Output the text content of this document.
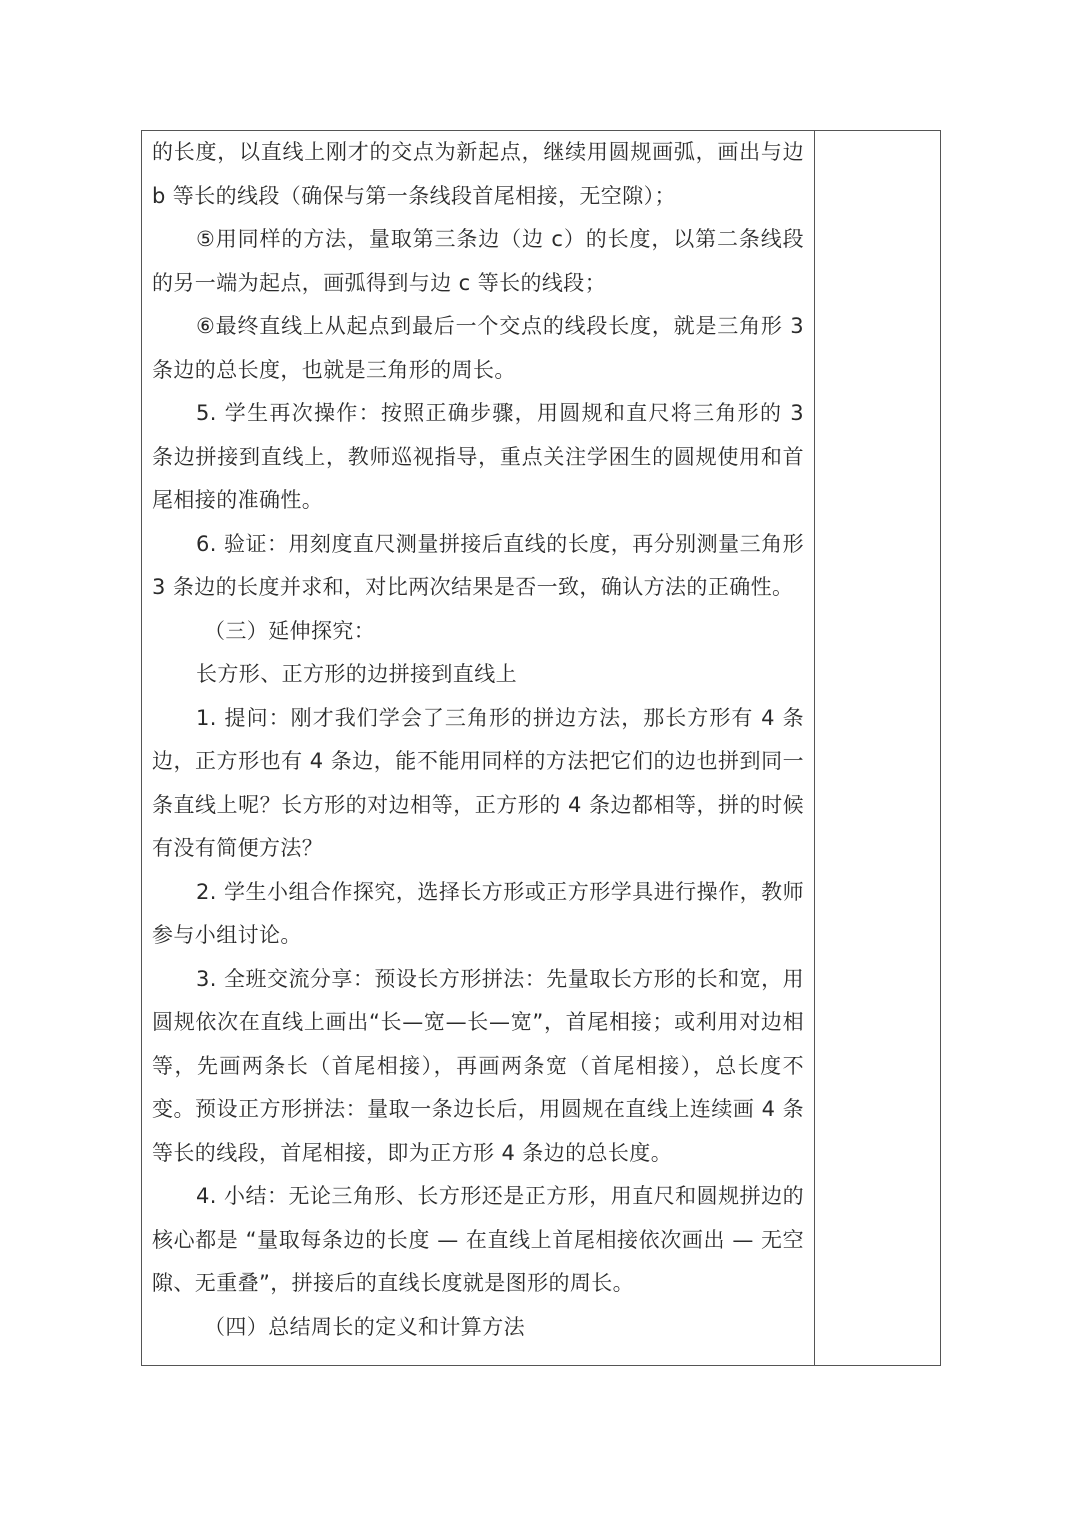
的长度，以直线上刚才的交点为新起点，继续用圆规画弧，画出与边b 等长的线段（确保与第一条线段首尾相接，无空隙）；

⑤用同样的方法，量取第三条边（边 c）的长度，以第二条线段的另一端为起点，画弧得到与边 c 等长的线段；

⑥最终直线上从起点到最后一个交点的线段长度，就是三角形 3条边的总长度，也就是三角形的周长。

5. 学生再次操作：按照正确步骤，用圆规和直尺将三角形的 3 条边拼接到直线上，教师巡视指导，重点关注学困生的圆规使用和首尾相接的准确性。

6. 验证：用刻度直尺测量拼接后直线的长度，再分别测量三角形 3 条边的长度并求和，对比两次结果是否一致，确认方法的正确性。

（三）延伸探究：

长方形、正方形的边拼接到直线上

1. 提问：刚才我们学会了三角形的拼边方法，那长方形有 4 条边，正方形也有 4 条边，能不能用同样的方法把它们的边也拼到同一条直线上呢？长方形的对边相等，正方形的 4 条边都相等，拼的时候有没有简便方法？

2. 学生小组合作探究，选择长方形或正方形学具进行操作，教师参与小组讨论。

3. 全班交流分享：预设长方形拼法：先量取长方形的长和宽，用圆规依次在直线上画出“长—宽—长—宽”，首尾相接；或利用对边相等，先画两条长（首尾相接），再画两条宽（首尾相接），总长度不变。预设正方形拼法：量取一条边长后，用圆规在直线上连续画 4 条等长的线段，首尾相接，即为正方形 4 条边的总长度。

4. 小结：无论三角形、长方形还是正方形，用直尺和圆规拼边的核心都是 “量取每条边的长度 — 在直线上首尾相接依次画出 — 无空隙、无重叠”，拼接后的直线长度就是图形的周长。

（四）总结周长的定义和计算方法
